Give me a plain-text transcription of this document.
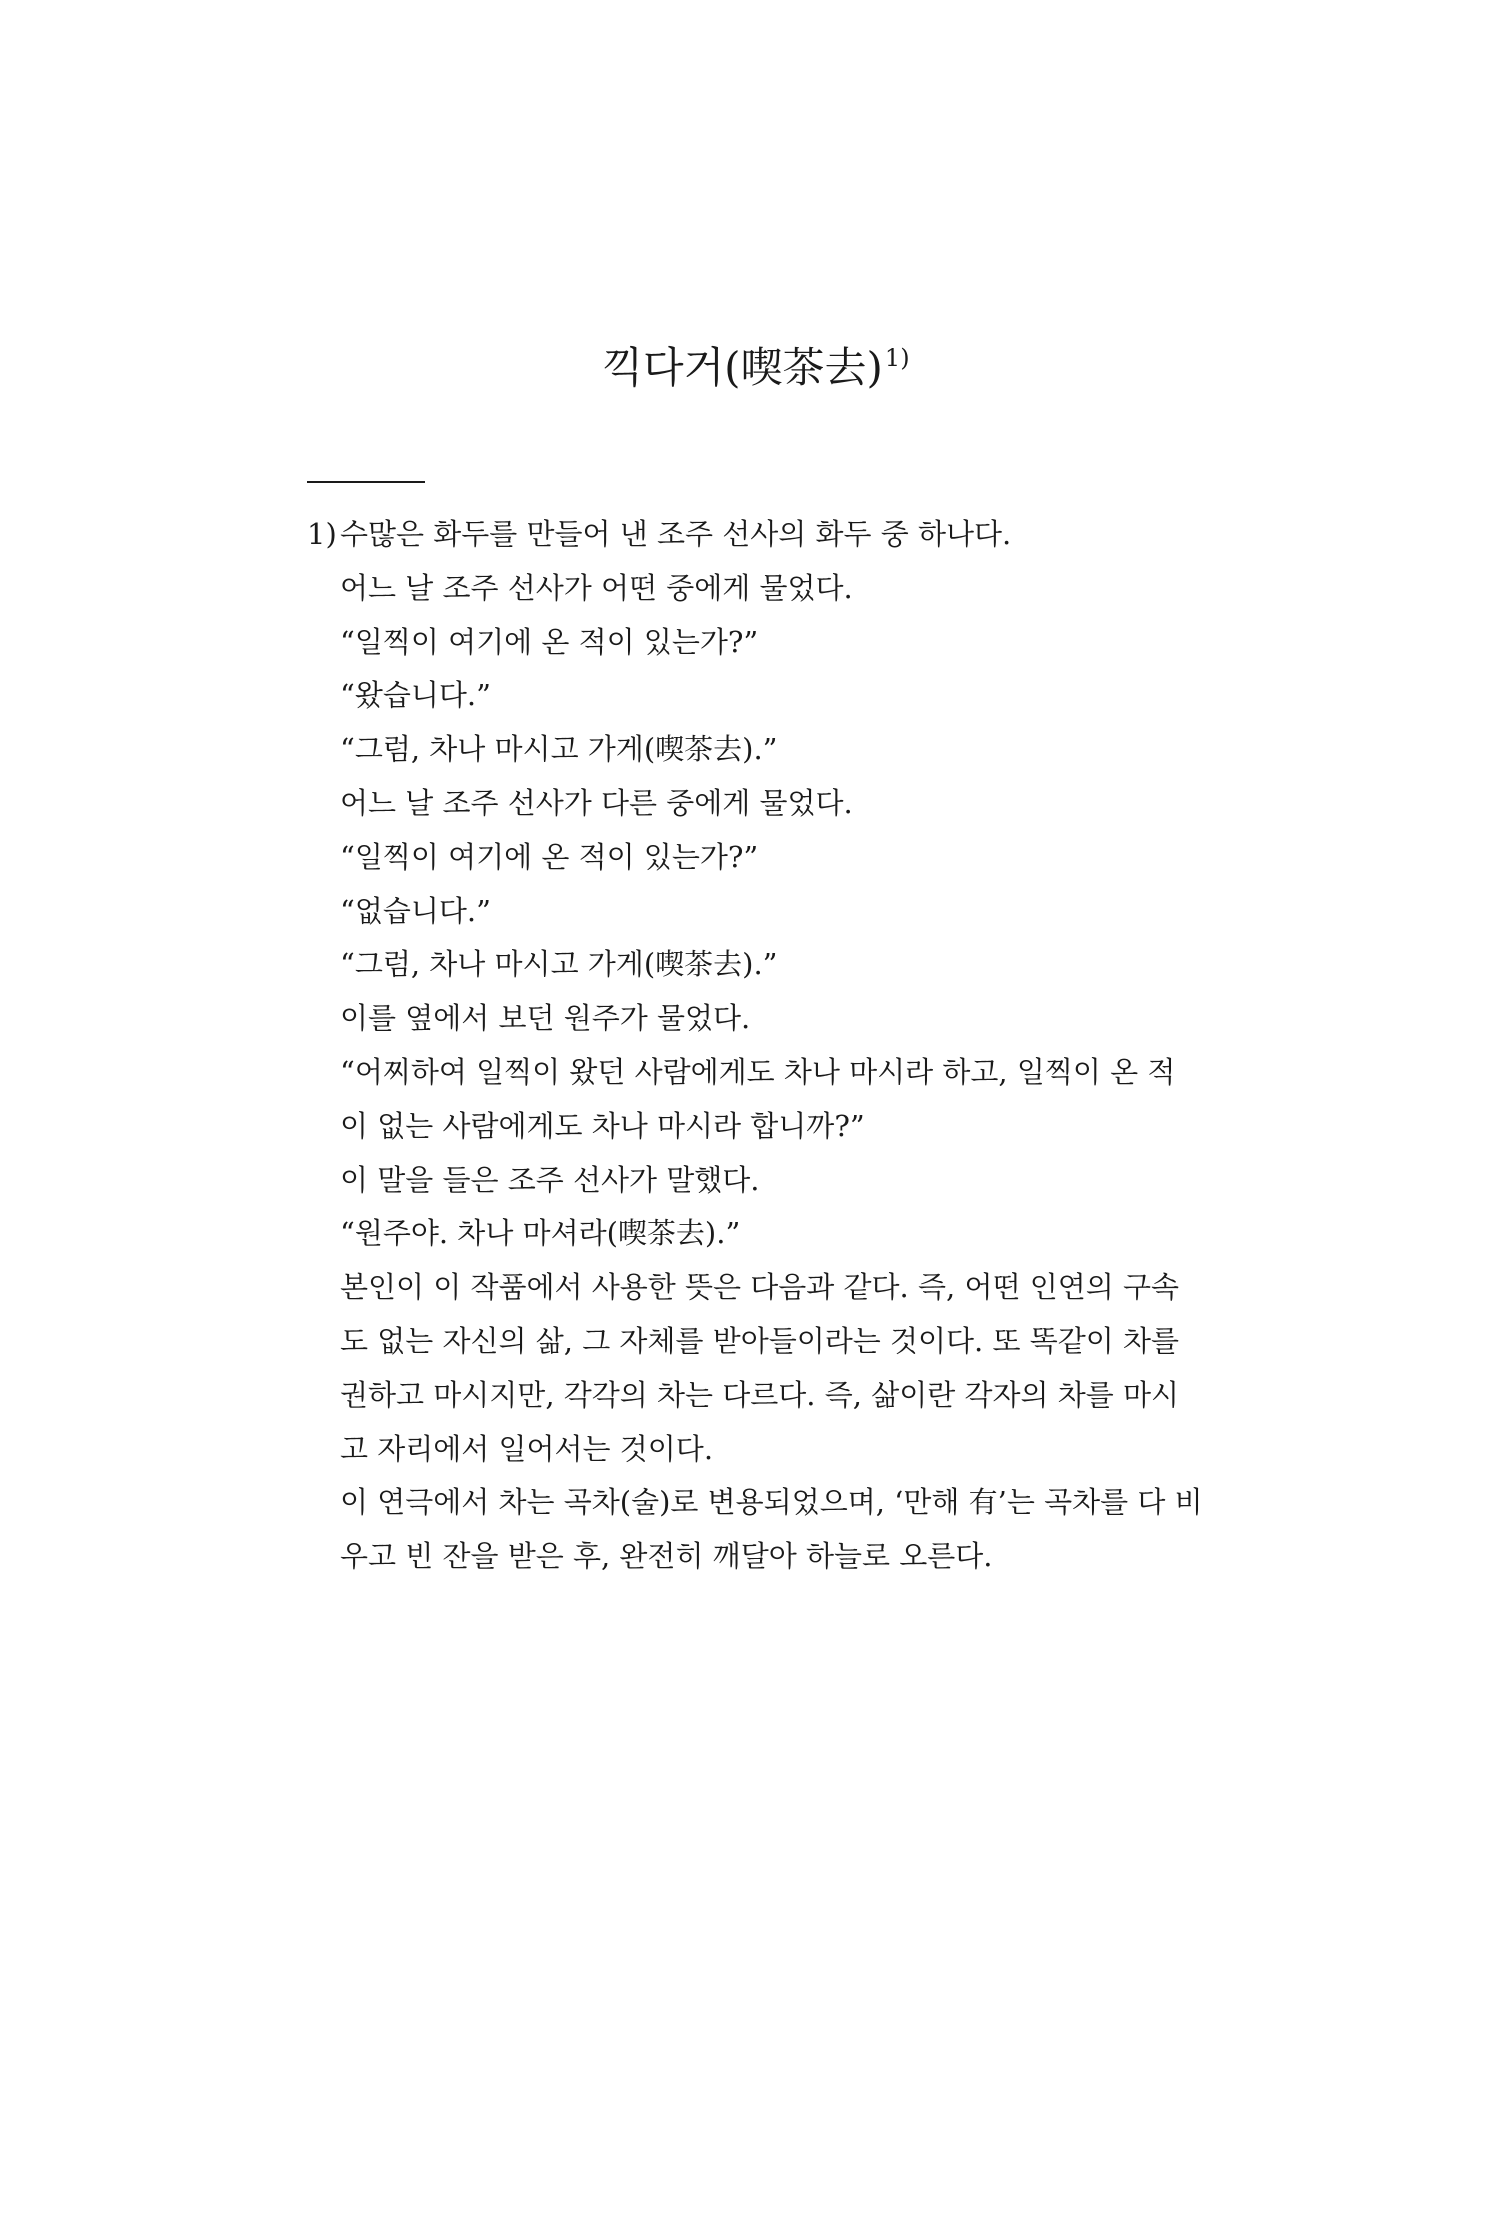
끽다거(喫茶去)$^{1)}$
1) 수많은 화두를 만들어 낸 조주 선사의 화두 중 하나다.
어느 날 조주 선사가 어떤 중에게 물었다.
“일찍이 여기에 온 적이 있는가?”
“왔습니다.”
“그럼, 차나 마시고 가게(喫茶去).”
어느 날 조주 선사가 다른 중에게 물었다.
“일찍이 여기에 온 적이 있는가?”
“없습니다.”
“그럼, 차나 마시고 가게(喫茶去).”
이를 옆에서 보던 원주가 물었다.
“어찌하여 일찍이 왔던 사람에게도 차나 마시라 하고, 일찍이 온 적
이 없는 사람에게도 차나 마시라 합니까?”
이 말을 들은 조주 선사가 말했다.
“원주야. 차나 마셔라(喫茶去).”
본인이 이 작품에서 사용한 뜻은 다음과 같다. 즉, 어떤 인연의 구속
도 없는 자신의 삶, 그 자체를 받아들이라는 것이다. 또 똑같이 차를
권하고 마시지만, 각각의 차는 다르다. 즉, 삶이란 각자의 차를 마시
고 자리에서 일어서는 것이다.
이 연극에서 차는 곡차(술)로 변용되었으며, ‘만해 有’는 곡차를 다 비
우고 빈 잔을 받은 후, 완전히 깨달아 하늘로 오른다.
